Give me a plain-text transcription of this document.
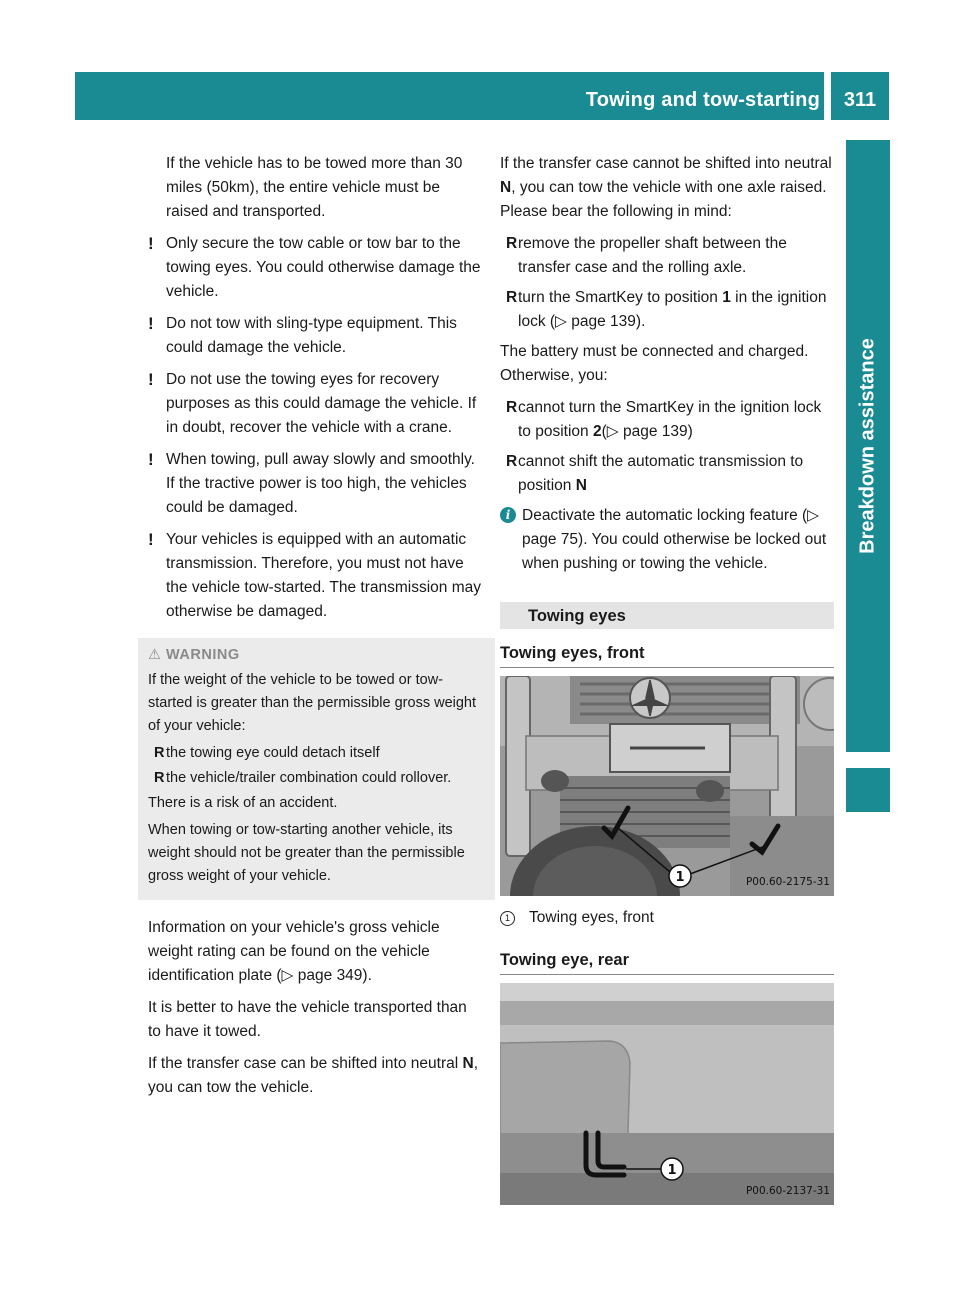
Towing and tow-starting	311
Breakdown assistance

If the vehicle has to be towed more than 30 miles (50km), the entire vehicle must be raised and transported.

! Only secure the tow cable or tow bar to the towing eyes. You could otherwise damage the vehicle.
! Do not tow with sling-type equipment. This could damage the vehicle.
! Do not use the towing eyes for recovery purposes as this could damage the vehicle. If in doubt, recover the vehicle with a crane.
! When towing, pull away slowly and smoothly. If the tractive power is too high, the vehicles could be damaged.
! Your vehicles is equipped with an automatic transmission. Therefore, you must not have the vehicle tow-started. The transmission may otherwise be damaged.
⚠ WARNING

If the weight of the vehicle to be towed or tow-started is greater than the permissible gross weight of your vehicle:

R the towing eye could detach itself
R the vehicle/trailer combination could rollover.

There is a risk of an accident.

When towing or tow-starting another vehicle, its weight should not be greater than the permissible gross weight of your vehicle.

Information on your vehicle's gross vehicle weight rating can be found on the vehicle identification plate (▷ page 349).

It is better to have the vehicle transported than to have it towed.

If the transfer case can be shifted into neutral N, you can tow the vehicle.

If the transfer case cannot be shifted into neutral N, you can tow the vehicle with one axle raised. Please bear the following in mind:

R remove the propeller shaft between the transfer case and the rolling axle.
R turn the SmartKey to position 1 in the ignition lock (▷ page 139).

The battery must be connected and charged. Otherwise, you:

R cannot turn the SmartKey in the ignition lock to position 2(▷ page 139)
R cannot shift the automatic transmission to position N
i Deactivate the automatic locking feature (▷ page 75). You could otherwise be locked out when pushing or towing the vehicle.
Towing eyes
Towing eyes, front
1	P00.60-2175-31
1	Towing eyes, front
Towing eye, rear
1
P00.60-2137-31
